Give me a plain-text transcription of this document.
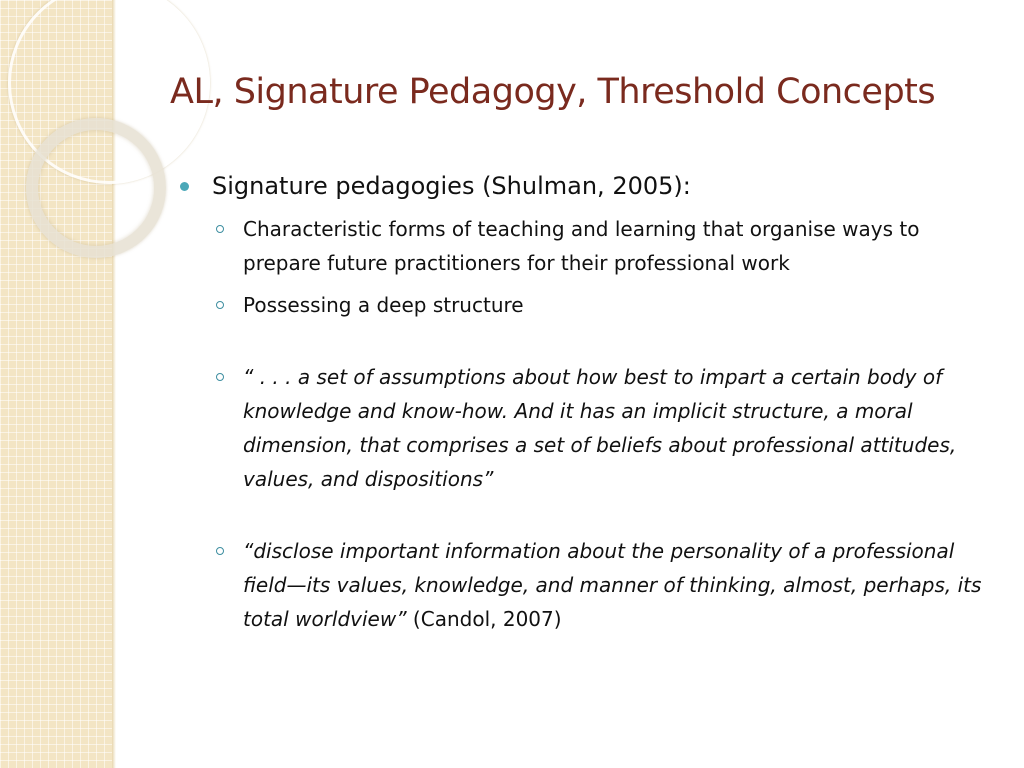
AL, Signature Pedagogy, Threshold Concepts
Signature pedagogies (Shulman, 2005):
Characteristic forms of teaching and learning that organise ways to prepare future practitioners for their professional work
Possessing a deep structure
“ . . . a set of assumptions about how best to impart a certain body of knowledge and know-how. And it has an implicit structure, a moral dimension, that comprises a set of beliefs about professional attitudes, values, and dispositions”
“disclose important information about the personality of a professional field—its values, knowledge, and manner of thinking, almost, perhaps, its total worldview” (Candol, 2007)
